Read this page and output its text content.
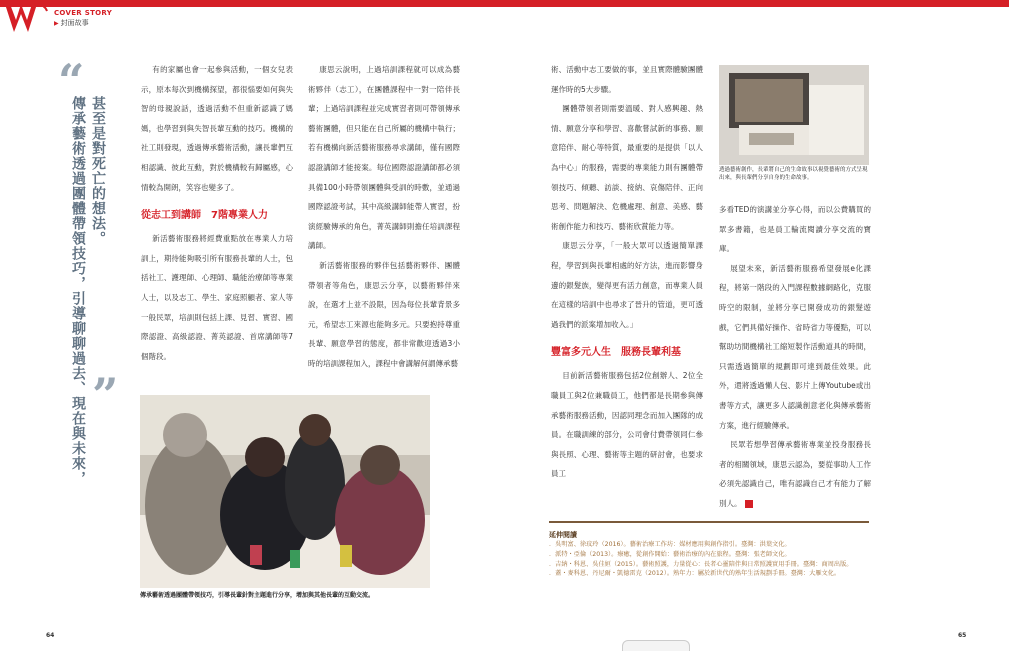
COVER STORY
▶ 封面故事
“
甚至是對死亡的想法。
傳承藝術透過團體帶領技巧，引導聊聊過去、現在與未來， ”

有的家屬也會一起參與活動，一個女兒表示，原本每次到機構探望，都很惱要如何與失智的母親說話，透過活動不但重新認識了媽媽，也學習到與失智長輩互動的技巧。機構的社工則發現，透過傳承藝術活動，讓長輩們互相認識、彼此互動，對於機構較有歸屬感，心情較為開朗，笑容也變多了。

從志工到講師　7階專業人力

新活藝術服務將經費重點放在專業人力培訓上，期待能夠吸引所有服務長輩的人士，包括社工、護理師、心理師、職能治療師等專業人士，以及志工、學生、家庭照顧者、家人等一般民眾，培訓則包括上課、見習、實習、國際認證、高級認證、菁英認證、首席講師等7個階段。

康思云說明，上過培訓課程就可以成為藝術夥伴（志工），在團體課程中一對一陪伴長輩；上過培訓課程並完成實習者則可帶領傳承藝術團體，但只能在自己所屬的機構中執行；若有機構向新活藝術服務尋求講師，僅有國際認證講師才能接案。每位國際認證講師都必須具備100小時帶領團體與受訓的時數，並通過國際認證考試，其中高級講師能帶人實習，扮演經驗傳承的角色，菁英講師則擔任培訓課程講師。

新活藝術服務的夥伴包括藝術夥伴、團體帶領者等角色，康思云分享，以藝術夥伴來說，在選才上並不設限，因為每位長輩背景多元，希望志工來源也能夠多元。只要抱持尊重長輩、願意學習的態度，都非常歡迎透過3小時的培訓課程加入，課程中會講解何謂傳承藝

術、活動中志工要做的事，並且實際體驗團體運作時的5大步驟。

團體帶領者則需要溫暖、對人感興趣、熱情、願意分享和學習、喜歡嘗試新的事務、願意陪伴、耐心等特質，最重要的是提供「以人為中心」的服務，需要的專業能力則有團體帶領技巧、傾聽、訪談、接納、哀傷陪伴、正向思考、問題解決、危機處理、創意、美感、藝術創作能力和技巧、藝術欣賞能力等。

康思云分享，「一般大眾可以透過簡單課程，學習到與長輩相處的好方法，進而影響身邊的銀髮族，變得更有活力創意，而專業人員在這樣的培訓中也尋求了晉升的管道，更可透過我們的派案增加收入。」

豐富多元人生　服務長輩利基

目前新活藝術服務包括2位創辦人、2位全職員工與2位兼職員工，他們都是長期參與傳承藝術服務活動，因認同理念而加入團隊的成員。在職訓練的部分，公司會付費帶領同仁參與長照、心理、藝術等主題的研討會，也要求員工

多看TED的演講並分享心得，而以公費購買的眾多書籍，也是員工輪流閱讀分享交流的寶庫。

展望未來，新活藝術服務希望發展e化課程，將第一階段的入門課程數據網路化，克服時空的限制，並將分享已開發成功的銀髮遊戲，它們具備好操作、省時省力等優點，可以幫助坊間機構社工縮短製作活動道具的時間，只需透過簡單的規劃即可達到最佳效果。此外，還將透過懶人包、影片上傳Youtube或出書等方式，讓更多人認識創意老化與傳承藝術方案，進行經驗傳承。

民眾若想學習傳承藝術專業並投身服務長者的相關領域，康思云認為，要從事助人工作必須先認識自己，唯有認識自己才有能力了解別人。

傳承藝術透過團體帶領技巧，引導長輩針對主題進行分享，增加與其他長輩的互動交流。
透過藝術創作，長輩將自己的生命故事以視覺藝術的方式呈現出來，與長輩們分享自身的生命故事。
延伸閱讀
．吳明富、徐玟玲（2016）。藝術治療工作坊：媒材應用與創作指引。臺灣：洪葉文化。
．派特・亞倫（2013）。療癒，從創作開始：藝術治療的內在旅程。臺灣：張老師文化。
．吉納・科恩、吳佳姮（2015）。藝術照護，力量從心：長者心靈陪伴與日常照護實用手冊。臺灣：商周出版。
．蓋・麥科恩、丹尼爾・凱德雷克（2012）。熟年力：屬於新世代的熟年生活規劃手冊。臺灣：大雁文化。
64	65
